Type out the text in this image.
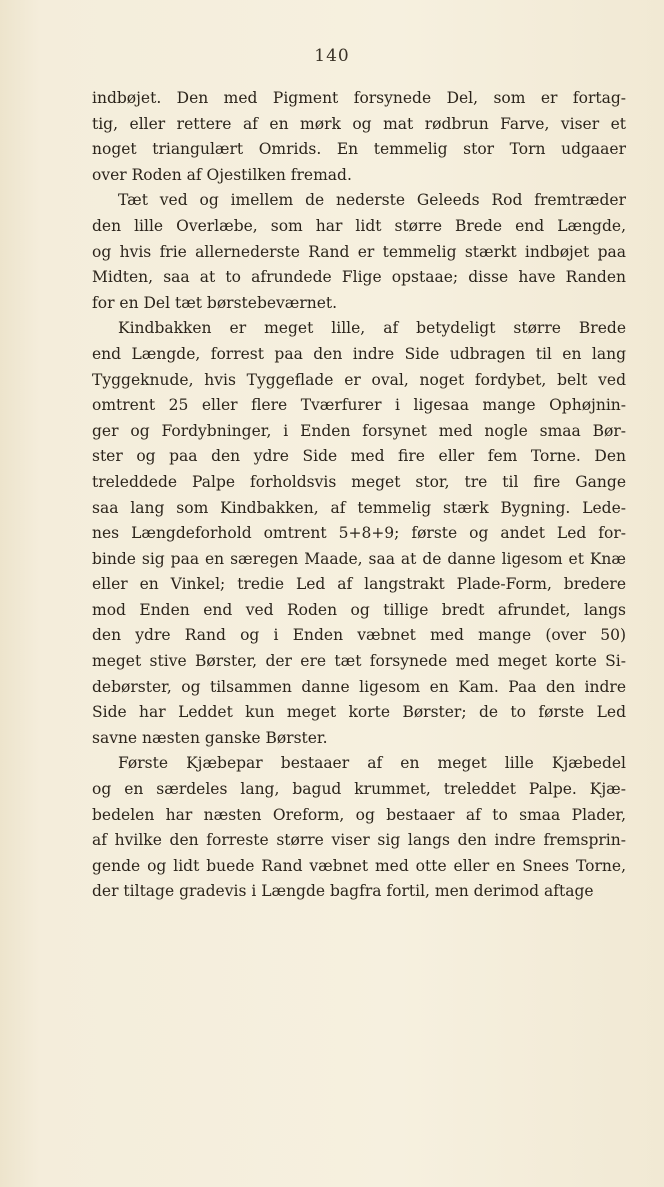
140
indbøjet. Den med Pigment forsynede Del, som er fortag-
tig, eller rettere af en mørk og mat rødbrun Farve, viser et
noget triangulært Omrids. En temmelig stor Torn udgaaer
over Roden af Ojestilken fremad.
Tæt ved og imellem de nederste Geleeds Rod fremtræder
den lille Overlæbe, som har lidt større Brede end Længde,
og hvis frie allernederste Rand er temmelig stærkt indbøjet paa
Midten, saa at to afrundede Flige opstaae; disse have Randen
for en Del tæt børstebeværnet.
Kindbakken er meget lille, af betydeligt større Brede
end Længde, forrest paa den indre Side udbragen til en lang
Tyggeknude, hvis Tyggeflade er oval, noget fordybet, belt ved
omtrent 25 eller flere Tværfurer i ligesaa mange Ophøjnin-
ger og Fordybninger, i Enden forsynet med nogle smaa Bør-
ster og paa den ydre Side med fire eller fem Torne. Den
treleddede Palpe forholdsvis meget stor, tre til fire Gange
saa lang som Kindbakken, af temmelig stærk Bygning. Lede-
nes Længdeforhold omtrent 5+8+9; første og andet Led for-
binde sig paa en særegen Maade, saa at de danne ligesom et Knæ
eller en Vinkel; tredie Led af langstrakt Plade-Form, bredere
mod Enden end ved Roden og tillige bredt afrundet, langs
den ydre Rand og i Enden væbnet med mange (over 50)
meget stive Børster, der ere tæt forsynede med meget korte Si-
debørster, og tilsammen danne ligesom en Kam. Paa den indre
Side har Leddet kun meget korte Børster; de to første Led
savne næsten ganske Børster.
Første Kjæbepar bestaaer af en meget lille Kjæbedel
og en særdeles lang, bagud krummet, treleddet Palpe. Kjæ-
bedelen har næsten Oreform, og bestaaer af to smaa Plader,
af hvilke den forreste større viser sig langs den indre fremsprin-
gende og lidt buede Rand væbnet med otte eller en Snees Torne,
der tiltage gradevis i Længde bagfra fortil, men derimod aftage
